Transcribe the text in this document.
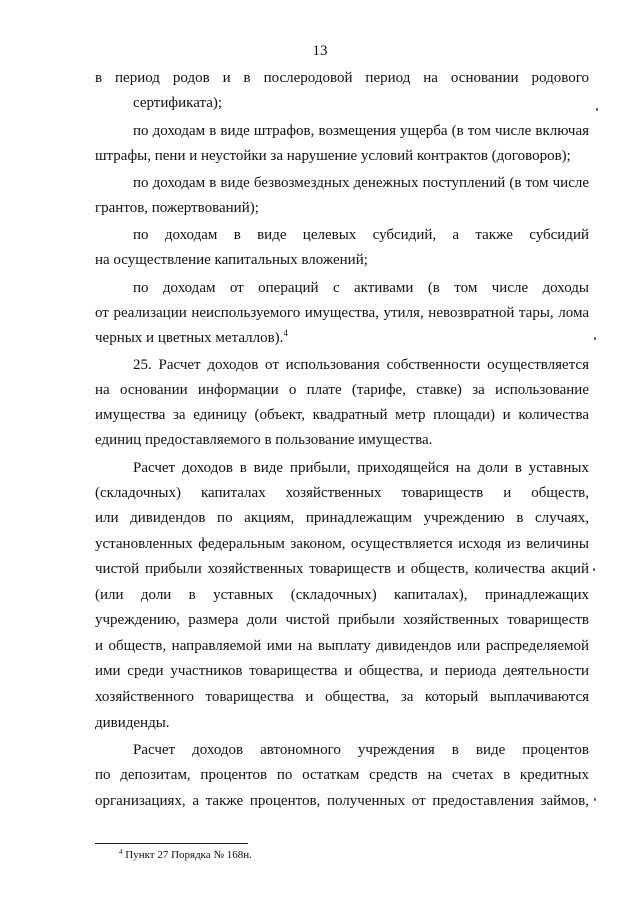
13
в период родов и в послеродовой период на основании родового
сертификата);
по доходам в виде штрафов, возмещения ущерба (в том числе включая
штрафы, пени и неустойки за нарушение условий контрактов (договоров);
по доходам в виде безвозмездных денежных поступлений (в том числе
грантов, пожертвований);
по доходам в виде целевых субсидий, а также субсидий
на осуществление капитальных вложений;
по доходам от операций с активами (в том числе доходы
от реализации неиспользуемого имущества, утиля, невозвратной тары, лома
черных и цветных металлов).$^4$
25. Расчет доходов от использования собственности осуществляется
на основании информации о плате (тарифе, ставке) за использование
имущества за единицу (объект, квадратный метр площади) и количества
единиц предоставляемого в пользование имущества.
Расчет доходов в виде прибыли, приходящейся на доли в уставных
(складочных) капиталах хозяйственных товариществ и обществ,
или дивидендов по акциям, принадлежащим учреждению в случаях,
установленных федеральным законом, осуществляется исходя из величины
чистой прибыли хозяйственных товариществ и обществ, количества акций
(или доли в уставных (складочных) капиталах), принадлежащих
учреждению, размера доли чистой прибыли хозяйственных товариществ
и обществ, направляемой ими на выплату дивидендов или распределяемой
ими среди участников товарищества и общества, и периода деятельности
хозяйственного товарищества и общества, за который выплачиваются
дивиденды.
Расчет доходов автономного учреждения в виде процентов
по депозитам, процентов по остаткам средств на счетах в кредитных
организациях, а также процентов, полученных от предоставления займов,
$^4$ Пункт 27 Порядка № 168н.
